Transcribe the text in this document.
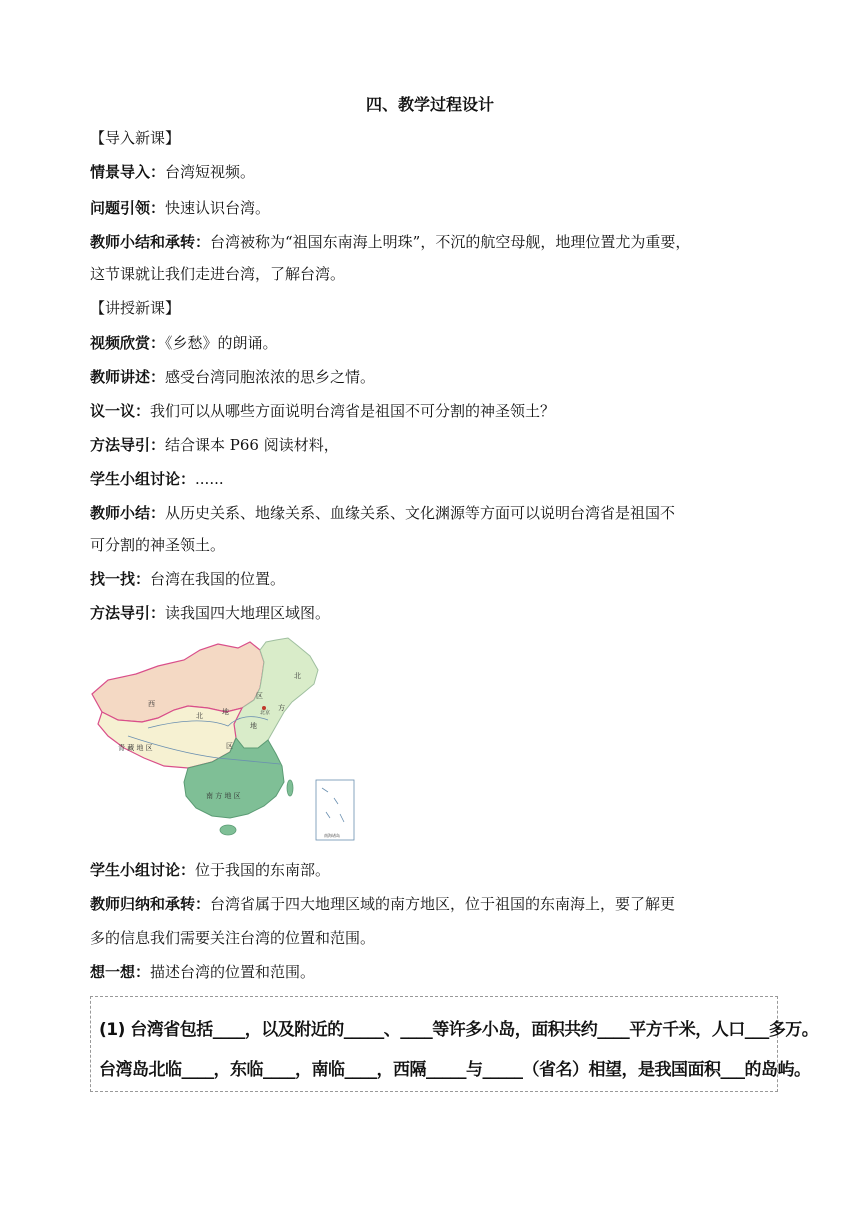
四、教学过程设计
【导入新课】
情景导入：台湾短视频。
问题引领：快速认识台湾。
教师小结和承转：台湾被称为“祖国东南海上明珠”，不沉的航空母舰，地理位置尤为重要，
这节课就让我们走进台湾，了解台湾。
【讲授新课】
视频欣赏：《乡愁》的朗诵。
教师讲述：感受台湾同胞浓浓的思乡之情。
议一议：我们可以从哪些方面说明台湾省是祖国不可分割的神圣领土？
方法导引：结合课本 P66 阅读材料，
学生小组讨论：......
教师小结：从历史关系、地缘关系、血缘关系、文化渊源等方面可以说明台湾省是祖国不
可分割的神圣领土。
找一找：台湾在我国的位置。
方法导引：读我国四大地理区域图。
西
北	地
区
北
方
地
区
青 藏 地 区
南 方 地 区
北京
南海诸岛
学生小组讨论：位于我国的东南部。
教师归纳和承转：台湾省属于四大地理区域的南方地区，位于祖国的东南海上，要了解更
多的信息我们需要关注台湾的位置和范围。
想一想：描述台湾的位置和范围。
(1) 台湾省包括____，以及附近的_____、____等许多小岛，面积共约____平方千米，人口___多万。
台湾岛北临____，东临____，南临____，西隔_____与_____（省名）相望，是我国面积___的岛屿。
